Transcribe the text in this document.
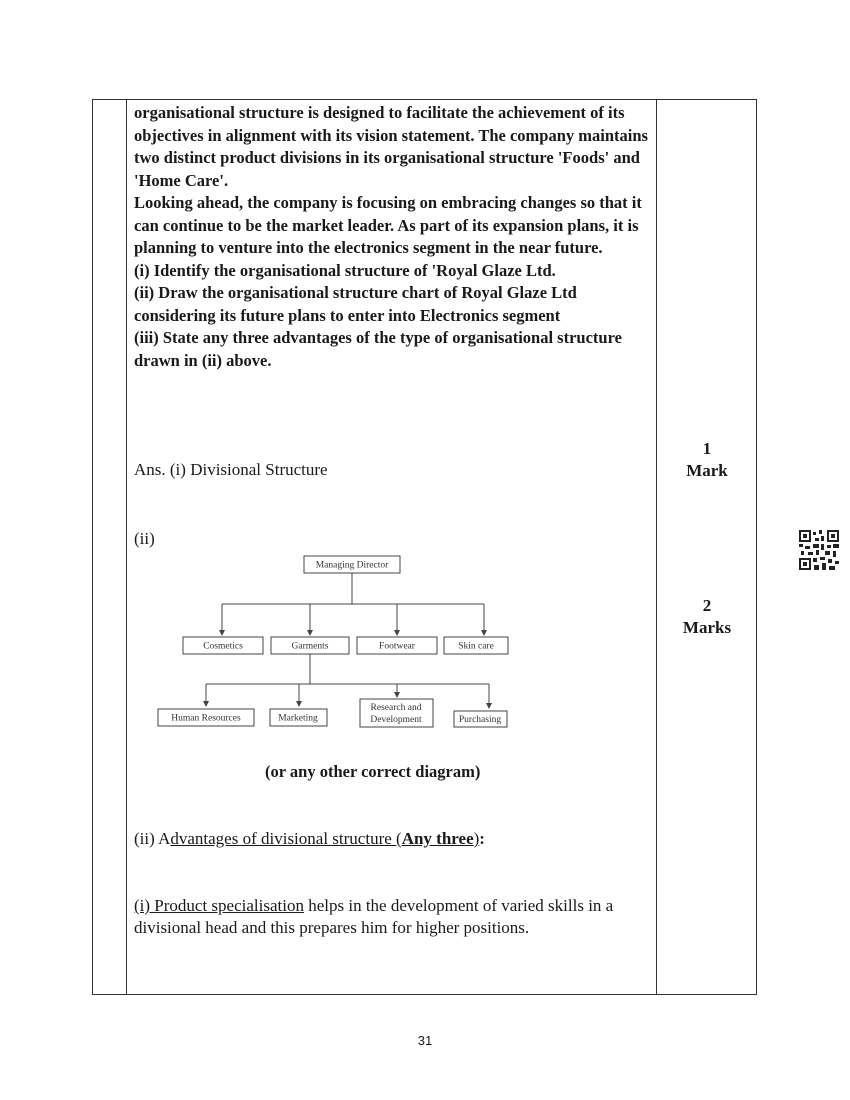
organisational structure is designed to facilitate the achievement of its objectives in alignment with its vision statement. The company maintains two distinct product divisions in its organisational structure 'Foods' and 'Home Care'.

Looking ahead, the company is focusing on embracing changes so that it can continue to be the market leader. As part of its expansion plans, it is planning to venture into the electronics segment in the near future.

(i) Identify the organisational structure of 'Royal Glaze Ltd.

(ii) Draw the organisational structure chart of Royal Glaze Ltd considering its future plans to enter into Electronics segment

(iii) State any three advantages of the type of organisational structure drawn in (ii) above.

Ans. (i) Divisional Structure
(ii)
Managing Director
Cosmetics	Garments	Footwear	Skin care
Human Resources	Marketing
Research and
Development	Purchasing
(or any other correct diagram)
(ii) Advantages of divisional structure (Any three):
(i) Product specialisation helps in the development of varied skills in a divisional head and this prepares him for higher positions.
1
Mark
2
Marks
31
